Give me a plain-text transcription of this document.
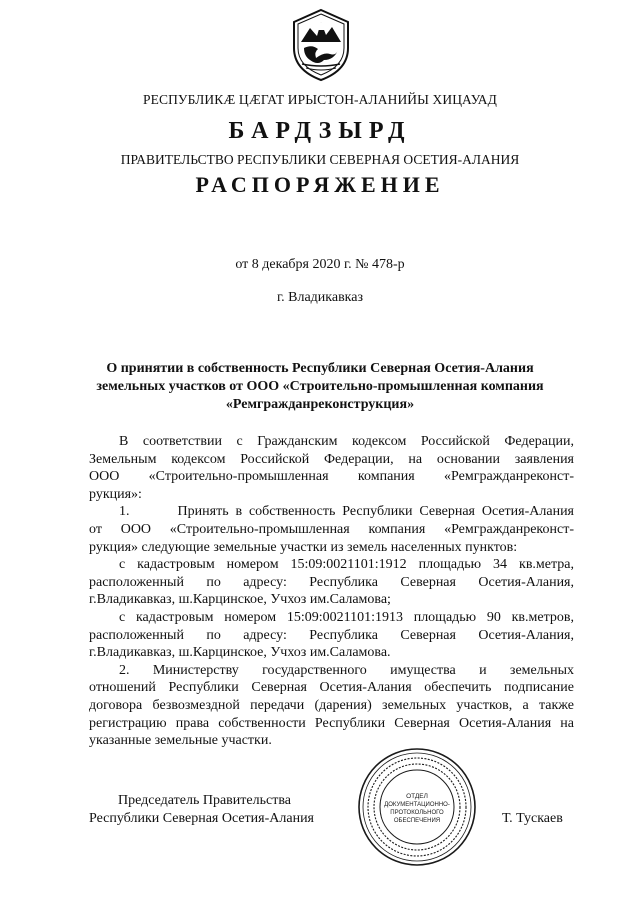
РЕСПУБЛИКӔ ЦӔГАТ ИРЫСТОН-АЛАНИЙЫ ХИЦАУАД
БАРДЗЫРД
ПРАВИТЕЛЬСТВО РЕСПУБЛИКИ СЕВЕРНАЯ ОСЕТИЯ-АЛАНИЯ
РАСПОРЯЖЕНИЕ
от 8 декабря 2020 г. № 478-р
г. Владикавказ
О принятии в собственность Республики Северная Осетия-Алания
земельных участков от ООО «Строительно-промышленная компания
«Ремгражданреконструкция»
В соответствии с Гражданским кодексом Российской Федерации,
Земельным кодексом Российской Федерации, на основании заявления
ООО «Строительно-промышленная компания «Ремгражданреконст-
рукция»:
1.       Принять в собственность Республики Северная Осетия-Алания
от ООО «Строительно-промышленная компания «Ремгражданреконст-
рукция» следующие земельные участки из земель населенных пунктов:
с кадастровым номером 15:09:0021101:1912 площадью 34 кв.метра,
расположенный по адресу: Республика Северная Осетия-Алания,
г.Владикавказ, ш.Карцинское, Учхоз им.Саламова;
с кадастровым номером 15:09:0021101:1913 площадью 90 кв.метров,
расположенный по адресу: Республика Северная Осетия-Алания,
г.Владикавказ, ш.Карцинское, Учхоз им.Саламова.
2. Министерству государственного имущества и земельных
отношений Республики Северная Осетия-Алания обеспечить подписание
договора безвозмездной передачи (дарения) земельных участков, а также
регистрацию права собственности Республики Северная Осетия-Алания на
указанные земельные участки.
Председатель Правительства
Республики Северная Осетия-Алания	Т. Тускаев
ОТДЕЛ
ДОКУМЕНТАЦИОННО-
ПРОТОКОЛЬНОГО
ОБЕСПЕЧЕНИЯ
